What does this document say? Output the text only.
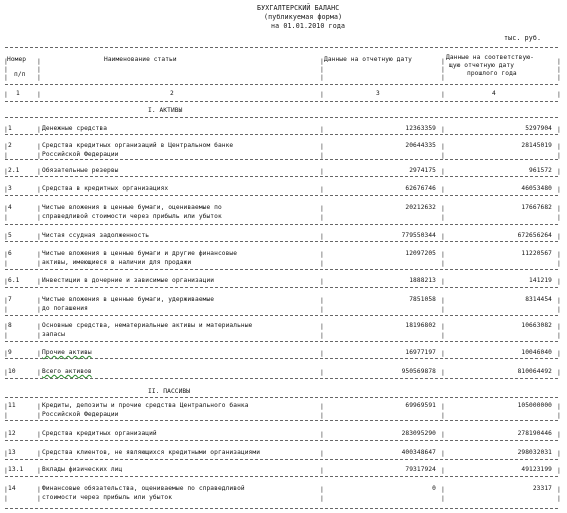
БУХГАЛТЕРСКИЙ БАЛАНС
(публикуемая форма)
на 01.01.2010 года
тыс. руб.
|	|	|	|	|
|	|	|	|	|
|	|	|	|	|
Номер
п/п
Наименование статьи	Данные на отчетную дату	Данные на соответствую-
щую отчетную дату
прошлого года
|	|	|	|	|
1	2	3	4
I. АКТИВЫ
|	|	|	|	|
1	Денежные средства	12363359	5297904
|	|	|	|	|
|	|	|	|	|
2	Средства кредитных организаций в Центральном банке
Российской Федерации
20644335	28145019
|	|	|	|	|
2.1	Обязательные резервы	2974175	961572
|	|	|	|	|
3	Средства в кредитных организациях	62676746	46053480
|	|	|	|	|
|	|	|	|	|
4	Чистые вложения в ценные бумаги, оцениваемые по
справедливой стоимости через прибыль или убыток
20212632	17667682
|	|	|	|	|
5	Чистая ссудная задолженность	779550344	672656264
|	|	|	|	|
|	|	|	|	|
6	Чистые вложения в ценные бумаги и другие финансовые
активы, имеющиеся в наличии для продажи
12097205	11220567
|	|	|	|	|
6.1	Инвестиции в дочерние и зависимые организации	1888213	141219
|	|	|	|	|
|	|	|	|	|
7	Чистые вложения в ценные бумаги, удерживаемые
до погашения
7851058	8314454
|	|	|	|	|
|	|	|	|	|
8	Основные средства, нематериальные активы и материальные
запасы
18196802	10663082
|	|	|	|	|
9	Прочие активы	16977197	10046040
|	|	|	|	|
10	Всего активов	950569878	810064492
II. ПАССИВЫ
|	|	|	|	|
|	|	|	|	|
11	Кредиты, депозиты и прочие средства Центрального банка
Российской Федерации
69969591	105000000
|	|	|	|	|
12	Средства кредитных организаций	283095290	278190446
|	|	|	|	|
13	Средства клиентов, не являющихся кредитными организациями	400348647	298032031
|	|	|	|	|
13.1	Вклады физических лиц	79317924	49123199
|	|	|	|	|
|	|	|	|	|
14	Финансовые обязательства, оцениваемые по справедливой
стоимости через прибыль или убыток
0	23317
